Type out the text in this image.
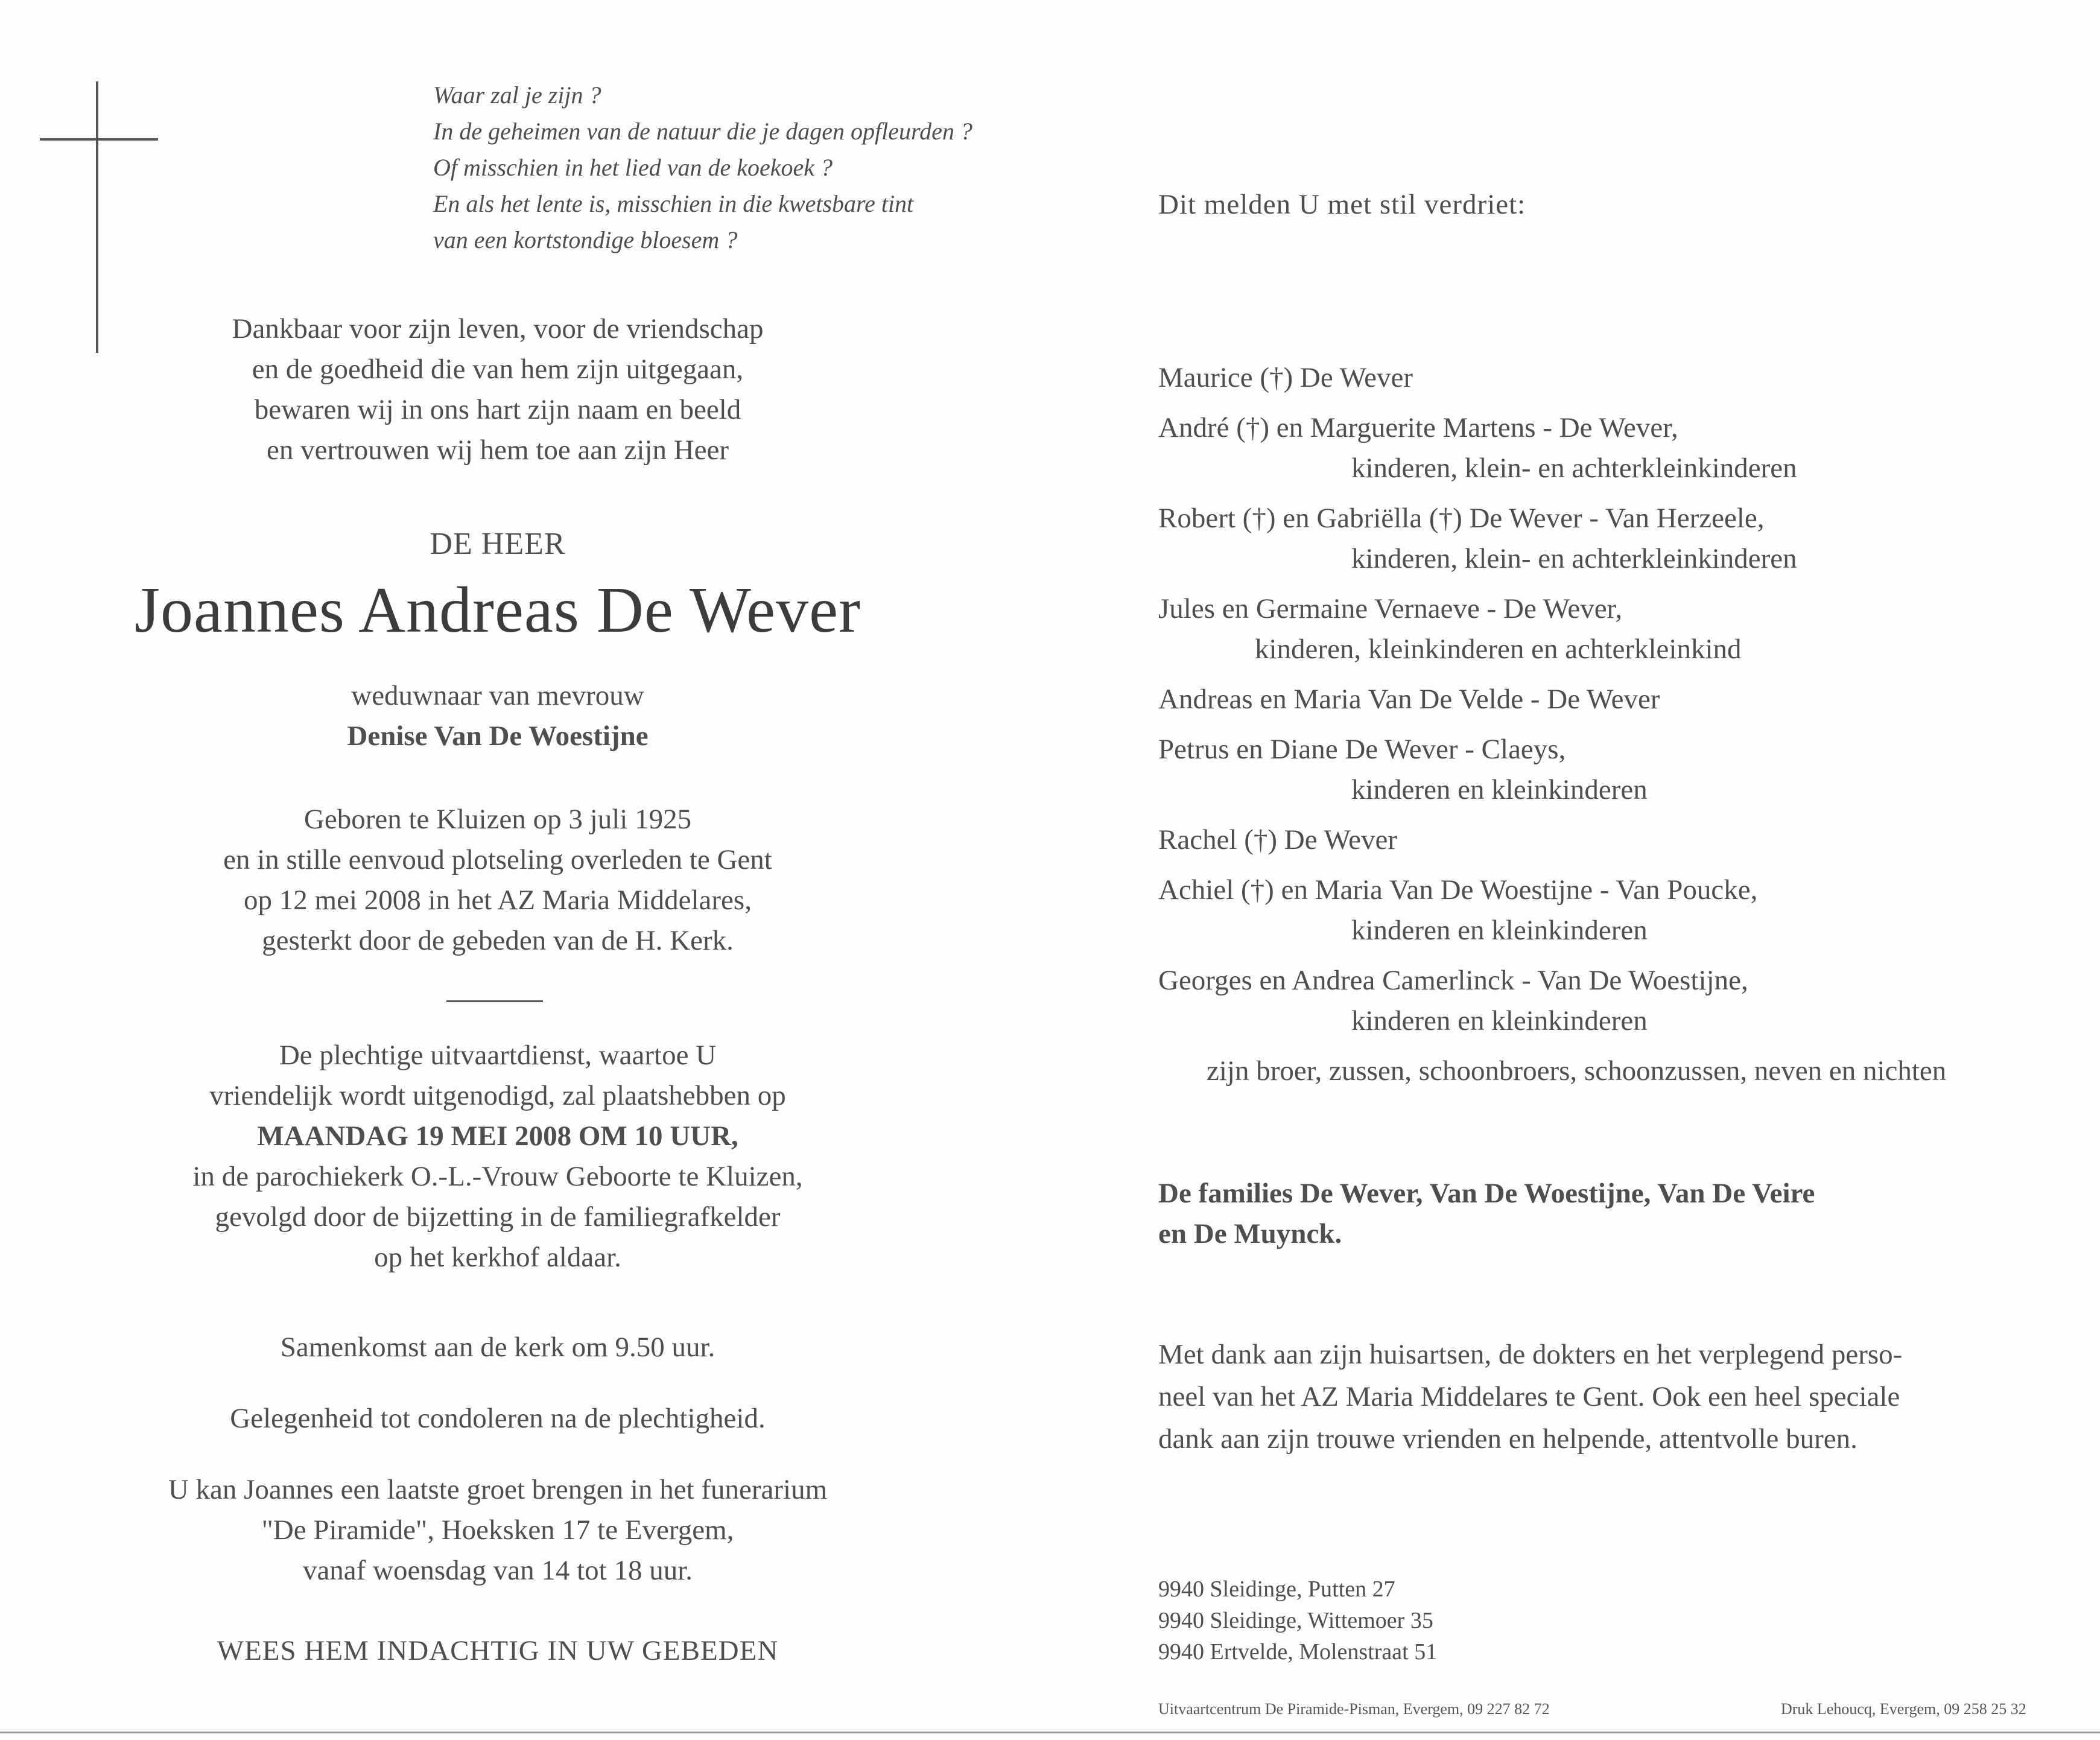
Waar zal je zijn ?
In de geheimen van de natuur die je dagen opfleurden ?
Of misschien in het lied van de koekoek ?
En als het lente is, misschien in die kwetsbare tint
van een kortstondige bloesem ?
Dankbaar voor zijn leven, voor de vriendschap
en de goedheid die van hem zijn uitgegaan,
bewaren wij in ons hart zijn naam en beeld
en vertrouwen wij hem toe aan zijn Heer
DE HEER
Joannes Andreas De Wever
weduwnaar van mevrouw
Denise Van De Woestijne
Geboren te Kluizen op 3 juli 1925
en in stille eenvoud plotseling overleden te Gent
op 12 mei 2008 in het AZ Maria Middelares,
gesterkt door de gebeden van de H. Kerk.
De plechtige uitvaartdienst, waartoe U
vriendelijk wordt uitgenodigd, zal plaatshebben op
MAANDAG 19 MEI 2008 OM 10 UUR,
in de parochiekerk O.-L.-Vrouw Geboorte te Kluizen,
gevolgd door de bijzetting in de familiegrafkelder
op het kerkhof aldaar.
Samenkomst aan de kerk om 9.50 uur.
Gelegenheid tot condoleren na de plechtigheid.
U kan Joannes een laatste groet brengen in het funerarium
"De Piramide", Hoeksken 17 te Evergem,
vanaf woensdag van 14 tot 18 uur.
WEES HEM INDACHTIG IN UW GEBEDEN
Dit melden U met stil verdriet:
Maurice (†) De Wever
André (†) en Marguerite Martens - De Wever,
kinderen, klein- en achterkleinkinderen
Robert (†) en Gabriëlla (†) De Wever - Van Herzeele,
kinderen, klein- en achterkleinkinderen
Jules en Germaine Vernaeve - De Wever,
kinderen, kleinkinderen en achterkleinkind
Andreas en Maria Van De Velde - De Wever
Petrus en Diane De Wever - Claeys,
kinderen en kleinkinderen
Rachel (†) De Wever
Achiel (†) en Maria Van De Woestijne - Van Poucke,
kinderen en kleinkinderen
Georges en Andrea Camerlinck - Van De Woestijne,
kinderen en kleinkinderen
zijn broer, zussen, schoonbroers, schoonzussen, neven en nichten
De families De Wever, Van De Woestijne, Van De Veire
en De Muynck.
Met dank aan zijn huisartsen, de dokters en het verplegend perso-
neel van het AZ Maria Middelares te Gent. Ook een heel speciale
dank aan zijn trouwe vrienden en helpende, attentvolle buren.
9940 Sleidinge, Putten 27
9940 Sleidinge, Wittemoer 35
9940 Ertvelde, Molenstraat 51
Uitvaartcentrum De Piramide-Pisman, Evergem, 09 227 82 72	Druk Lehoucq, Evergem, 09 258 25 32
